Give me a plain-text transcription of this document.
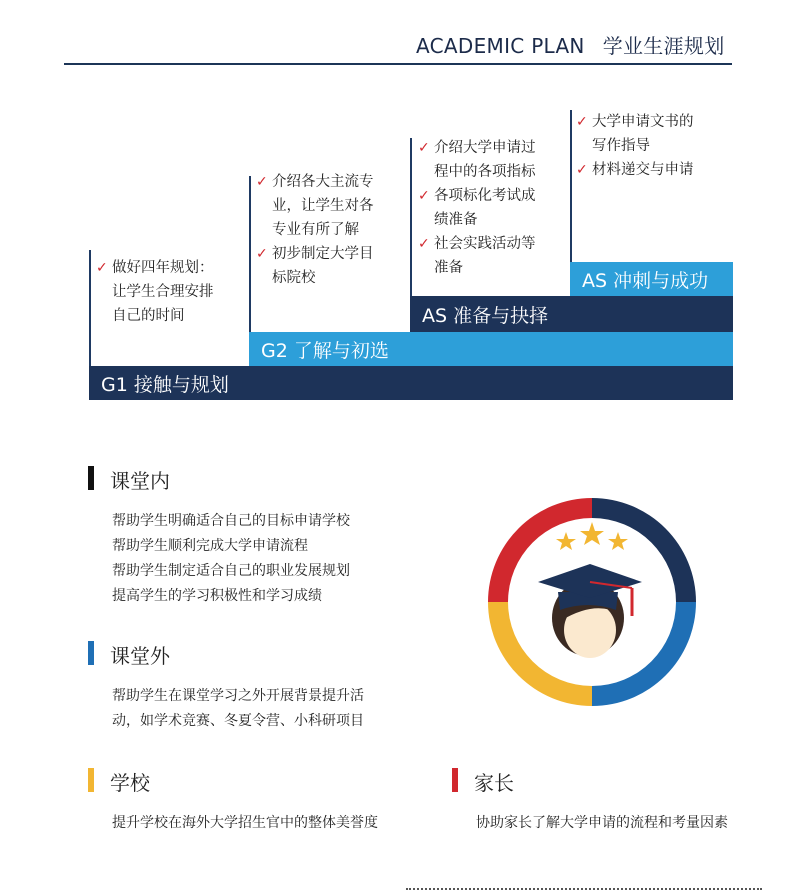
ACADEMIC PLAN 学业生涯规划
G1 接触与规划
G2 了解与初选
AS 准备与抉择
AS 冲刺与成功
✓ 做好四年规划：
让学生合理安排
自己的时间
✓ 介绍各大主流专
业，让学生对各
专业有所了解
✓ 初步制定大学目
标院校
✓ 介绍大学申请过
程中的各项指标
✓ 各项标化考试成
绩准备
✓ 社会实践活动等
准备
✓ 大学申请文书的
写作指导
✓ 材料递交与申请
课堂内
帮助学生明确适合自己的目标申请学校
帮助学生顺利完成大学申请流程
帮助学生制定适合自己的职业发展规划
提高学生的学习积极性和学习成绩
课堂外
帮助学生在课堂学习之外开展背景提升活
动，如学术竞赛、冬夏令营、小科研项目
学校
提升学校在海外大学招生官中的整体美誉度
家长
协助家长了解大学申请的流程和考量因素
